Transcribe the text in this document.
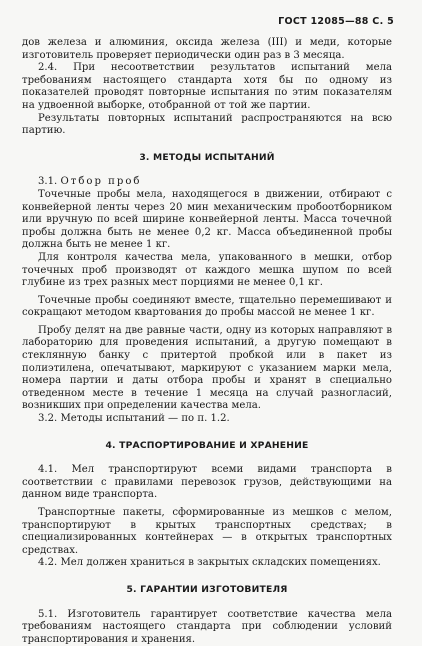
ГОСТ 12085—88 С. 5

дов железа и алюминия, оксида железа (III) и меди, которые изготовитель проверяет периодически один раз в 3 месяца.

2.4. При несоответствии результатов испытаний мела требованиям настоящего стандарта хотя бы по одному из показателей проводят повторные испытания по этим показателям на удвоенной выборке, отобранной от той же партии.

Результаты повторных испытаний распространяются на всю партию.

3. МЕТОДЫ ИСПЫТАНИЙ

3.1. Отбор проб

Точечные пробы мела, находящегося в движении, отбирают с конвейерной ленты через 20 мин механическим пробоотборником или вручную по всей ширине конвейерной ленты. Масса точечной пробы должна быть не менее 0,2 кг. Масса объединенной пробы должна быть не менее 1 кг.

Для контроля качества мела, упакованного в мешки, отбор точечных проб производят от каждого мешка шупом по всей глубине из трех разных мест порциями не менее 0,1 кг.

Точечные пробы соединяют вместе, тщательно перемешивают и сокращают методом квартования до пробы массой не менее 1 кг.

Пробу делят на две равные части, одну из которых направляют в лабораторию для проведения испытаний, а другую помещают в стеклянную банку с притертой пробкой или в пакет из полиэтилена, опечатывают, маркируют с указанием марки мела, номера партии и даты отбора пробы и хранят в специально отведенном месте в течение 1 месяца на случай разногласий, возникших при определении качества мела.

3.2. Методы испытаний — по п. 1.2.

4. ТРАСПОРТИРОВАНИЕ И ХРАНЕНИЕ

4.1. Мел транспортируют всеми видами транспорта в соответствии с правилами перевозок грузов, действующими на данном виде транспорта.

Транспортные пакеты, сформированные из мешков с мелом, транспортируют в крытых транспортных средствах; в специализированных контейнерах — в открытых транспортных средствах.

4.2. Мел должен храниться в закрытых складских помещениях.

5. ГАРАНТИИ ИЗГОТОВИТЕЛЯ

5.1. Изготовитель гарантирует соответствие качества мела требованиям настоящего стандарта при соблюдении условий транспортирования и хранения.
